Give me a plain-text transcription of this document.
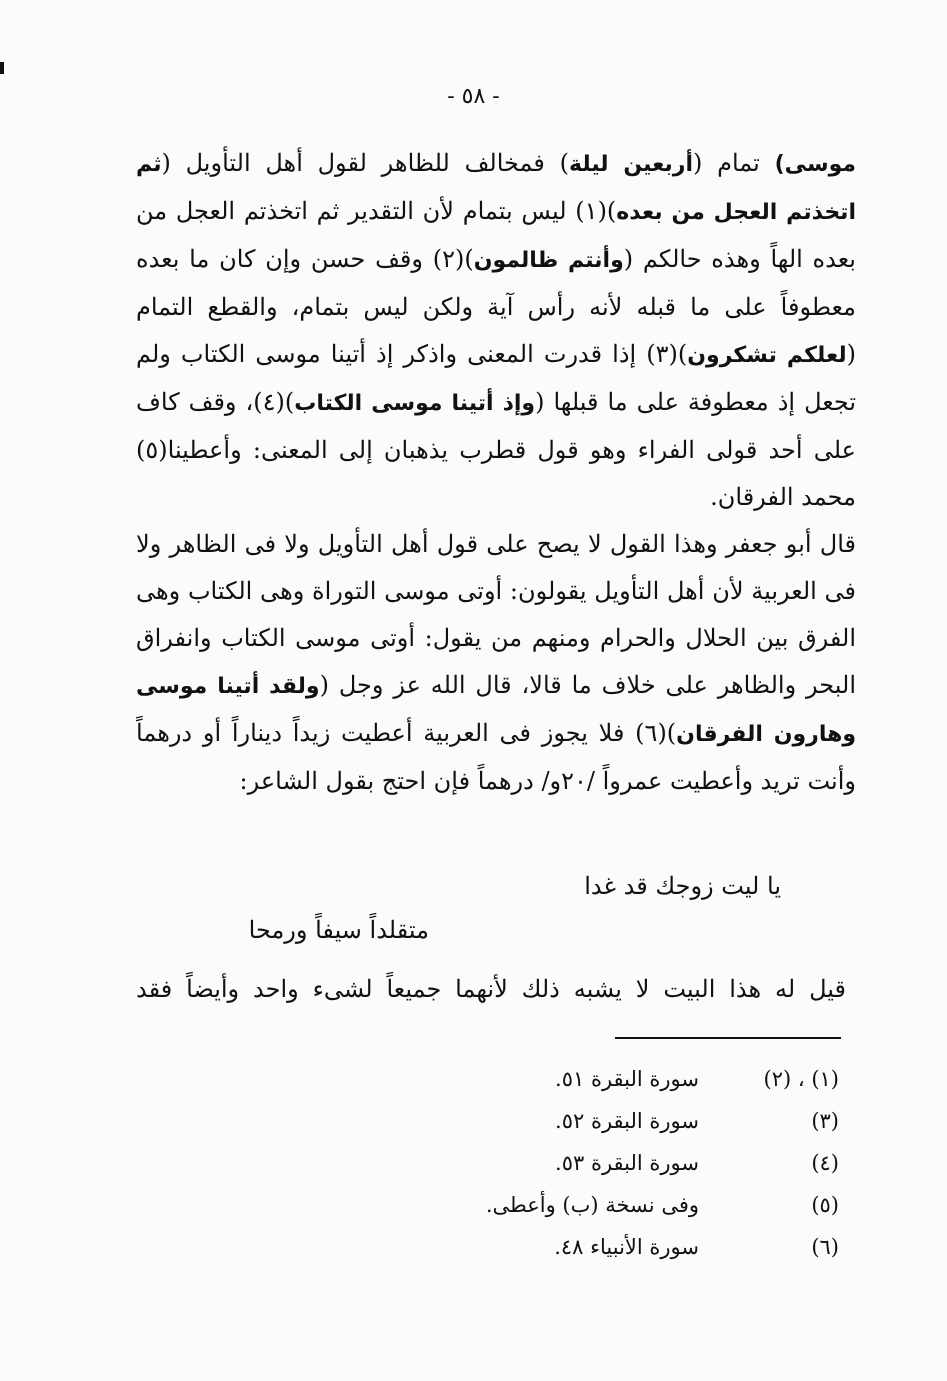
- ٥٨ -

موسى) تمام (أربعين ليلة) فمخالف للظاهر لقول أهل التأويل (ثم اتخذتم العجل من بعده)(١) ليس بتمام لأن التقدير ثم اتخذتم العجل من بعده الهاً وهذه حالكم (وأنتم ظالمون)(٢) وقف حسن وإن كان ما بعده معطوفاً على ما قبله لأنه رأس آية ولكن ليس بتمام، والقطع التمام (لعلكم تشكرون)(٣) إذا قدرت المعنى واذكر إذ أتينا موسى الكتاب ولم تجعل إذ معطوفة على ما قبلها (وإذ أتينا موسى الكتاب)(٤)، وقف كاف على أحد قولى الفراء وهو قول قطرب يذهبان إلى المعنى: وأعطينا(٥) محمد الفرقان.

قال أبو جعفر وهذا القول لا يصح على قول أهل التأويل ولا فى الظاهر ولا فى العربية لأن أهل التأويل يقولون: أوتى موسى التوراة وهى الكتاب وهى الفرق بين الحلال والحرام ومنهم من يقول: أوتى موسى الكتاب وانفراق البحر والظاهر على خلاف ما قالا، قال الله عز وجل (ولقد أتينا موسى وهارون الفرقان)(٦) فلا يجوز فى العربية أعطيت زيداً ديناراً أو درهماً وأنت تريد وأعطيت عمرواً /٢٠و/ درهماً فإن احتج بقول الشاعر:

يا ليت زوجك قد غدا
متقلداً سيفاً ورمحا
قيل له هذا البيت لا يشبه ذلك لأنهما جميعاً لشىء واحد وأيضاً فقد
(١) ، (٢)
سورة البقرة ٥١.
(٣)
سورة البقرة ٥٢.
(٤)
سورة البقرة ٥٣.
(٥)
وفى نسخة (ب) وأعطى.
(٦)
سورة الأنبياء ٤٨.
